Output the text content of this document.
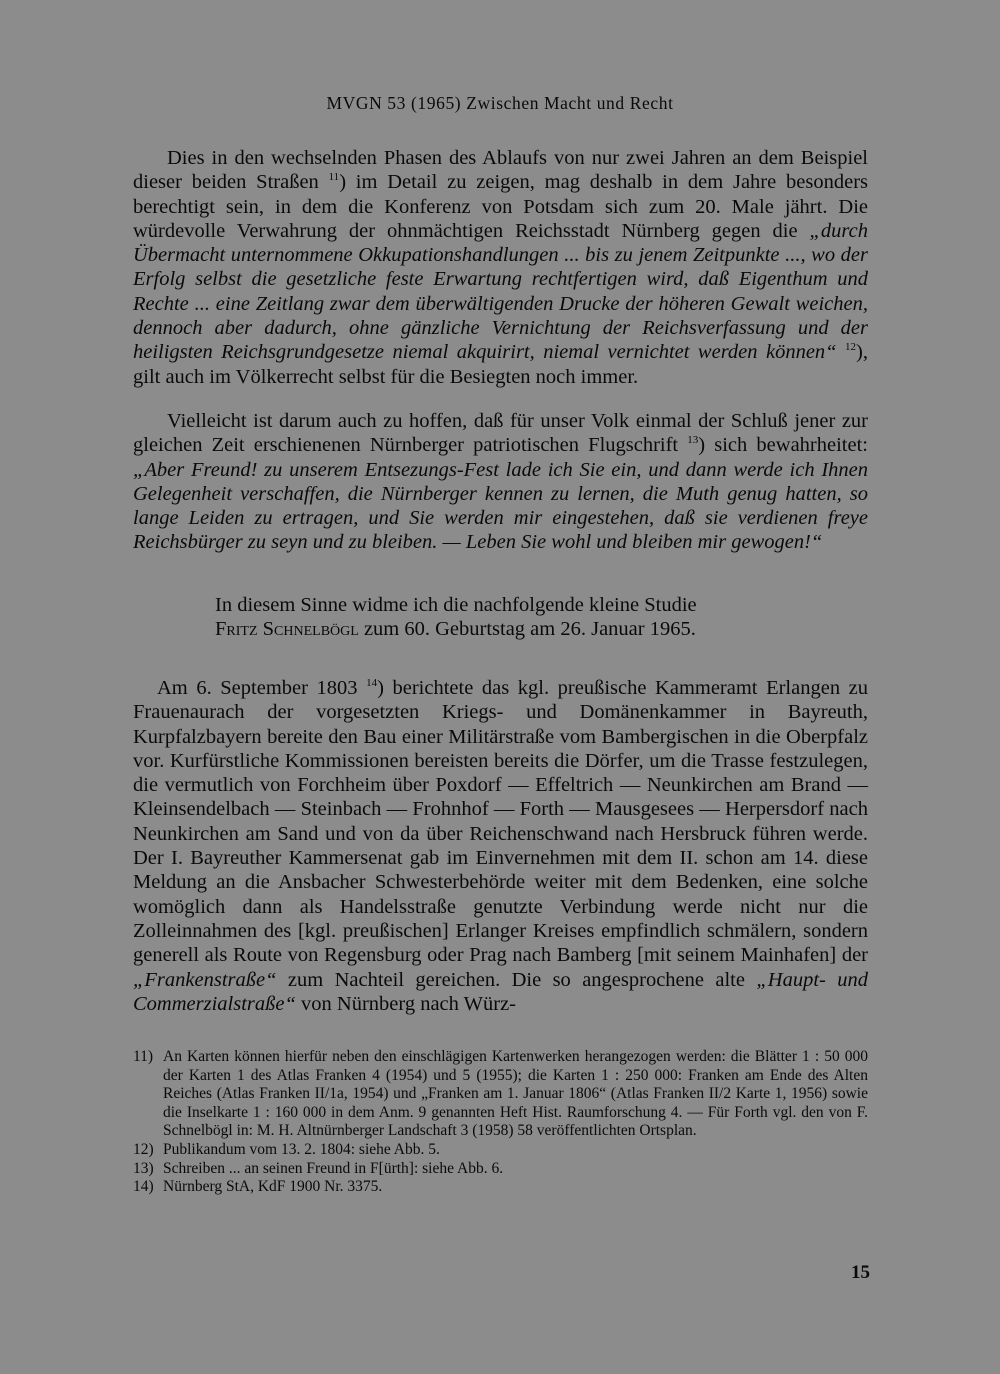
MVGN 53 (1965) Zwischen Macht und Recht
Dies in den wechselnden Phasen des Ablaufs von nur zwei Jahren an dem Beispiel dieser beiden Straßen $^{11}$) im Detail zu zeigen, mag deshalb in dem Jahre besonders berechtigt sein, in dem die Konferenz von Potsdam sich zum 20. Male jährt. Die würdevolle Verwahrung der ohnmächtigen Reichsstadt Nürnberg gegen die „durch Übermacht unternommene Okkupationshandlungen ... bis zu jenem Zeitpunkte ..., wo der Erfolg selbst die gesetzliche feste Erwartung rechtfertigen wird, daß Eigenthum und Rechte ... eine Zeitlang zwar dem überwältigenden Drucke der höheren Gewalt weichen, dennoch aber dadurch, ohne gänzliche Vernichtung der Reichsverfassung und der heiligsten Reichsgrundgesetze niemal akquirirt, niemal vernichtet werden können“ $^{12}$), gilt auch im Völkerrecht selbst für die Besiegten noch immer.
Vielleicht ist darum auch zu hoffen, daß für unser Volk einmal der Schluß jener zur gleichen Zeit erschienenen Nürnberger patriotischen Flugschrift $^{13}$) sich bewahrheitet: „Aber Freund! zu unserem Entsezungs-Fest lade ich Sie ein, und dann werde ich Ihnen Gelegenheit verschaffen, die Nürnberger kennen zu lernen, die Muth genug hatten, so lange Leiden zu ertragen, und Sie werden mir eingestehen, daß sie verdienen freye Reichsbürger zu seyn und zu bleiben. — Leben Sie wohl und bleiben mir gewogen!“
In diesem Sinne widme ich die nachfolgende kleine Studie
Fritz Schnelbögl zum 60. Geburtstag am 26. Januar 1965.
Am 6. September 1803 $^{14}$) berichtete das kgl. preußische Kammeramt Erlangen zu Frauenaurach der vorgesetzten Kriegs- und Domänenkammer in Bayreuth, Kurpfalzbayern bereite den Bau einer Militärstraße vom Bambergischen in die Oberpfalz vor. Kurfürstliche Kommissionen bereisten bereits die Dörfer, um die Trasse festzulegen, die vermutlich von Forchheim über Poxdorf — Effeltrich — Neunkirchen am Brand — Kleinsendelbach — Steinbach — Frohnhof — Forth — Mausgesees — Herpersdorf nach Neunkirchen am Sand und von da über Reichenschwand nach Hersbruck führen werde. Der I. Bayreuther Kammersenat gab im Einvernehmen mit dem II. schon am 14. diese Meldung an die Ansbacher Schwesterbehörde weiter mit dem Bedenken, eine solche womöglich dann als Handelsstraße genutzte Verbindung werde nicht nur die Zolleinnahmen des [kgl. preußischen] Erlanger Kreises empfindlich schmälern, sondern generell als Route von Regensburg oder Prag nach Bamberg [mit seinem Mainhafen] der „Frankenstraße“ zum Nachteil gereichen. Die so angesprochene alte „Haupt- und Commerzialstraße“ von Nürnberg nach Würz-
11) An Karten können hierfür neben den einschlägigen Kartenwerken herangezogen werden: die Blätter 1 : 50 000 der Karten 1 des Atlas Franken 4 (1954) und 5 (1955); die Karten 1 : 250 000: Franken am Ende des Alten Reiches (Atlas Franken II/1a, 1954) und „Franken am 1. Januar 1806“ (Atlas Franken II/2 Karte 1, 1956) sowie die Inselkarte 1 : 160 000 in dem Anm. 9 genannten Heft Hist. Raumforschung 4. — Für Forth vgl. den von F. Schnelbögl in: M. H. Altnürnberger Landschaft 3 (1958) 58 veröffentlichten Ortsplan.
12) Publikandum vom 13. 2. 1804: siehe Abb. 5.
13) Schreiben ... an seinen Freund in F[ürth]: siehe Abb. 6.
14) Nürnberg StA, KdF 1900 Nr. 3375.
15
